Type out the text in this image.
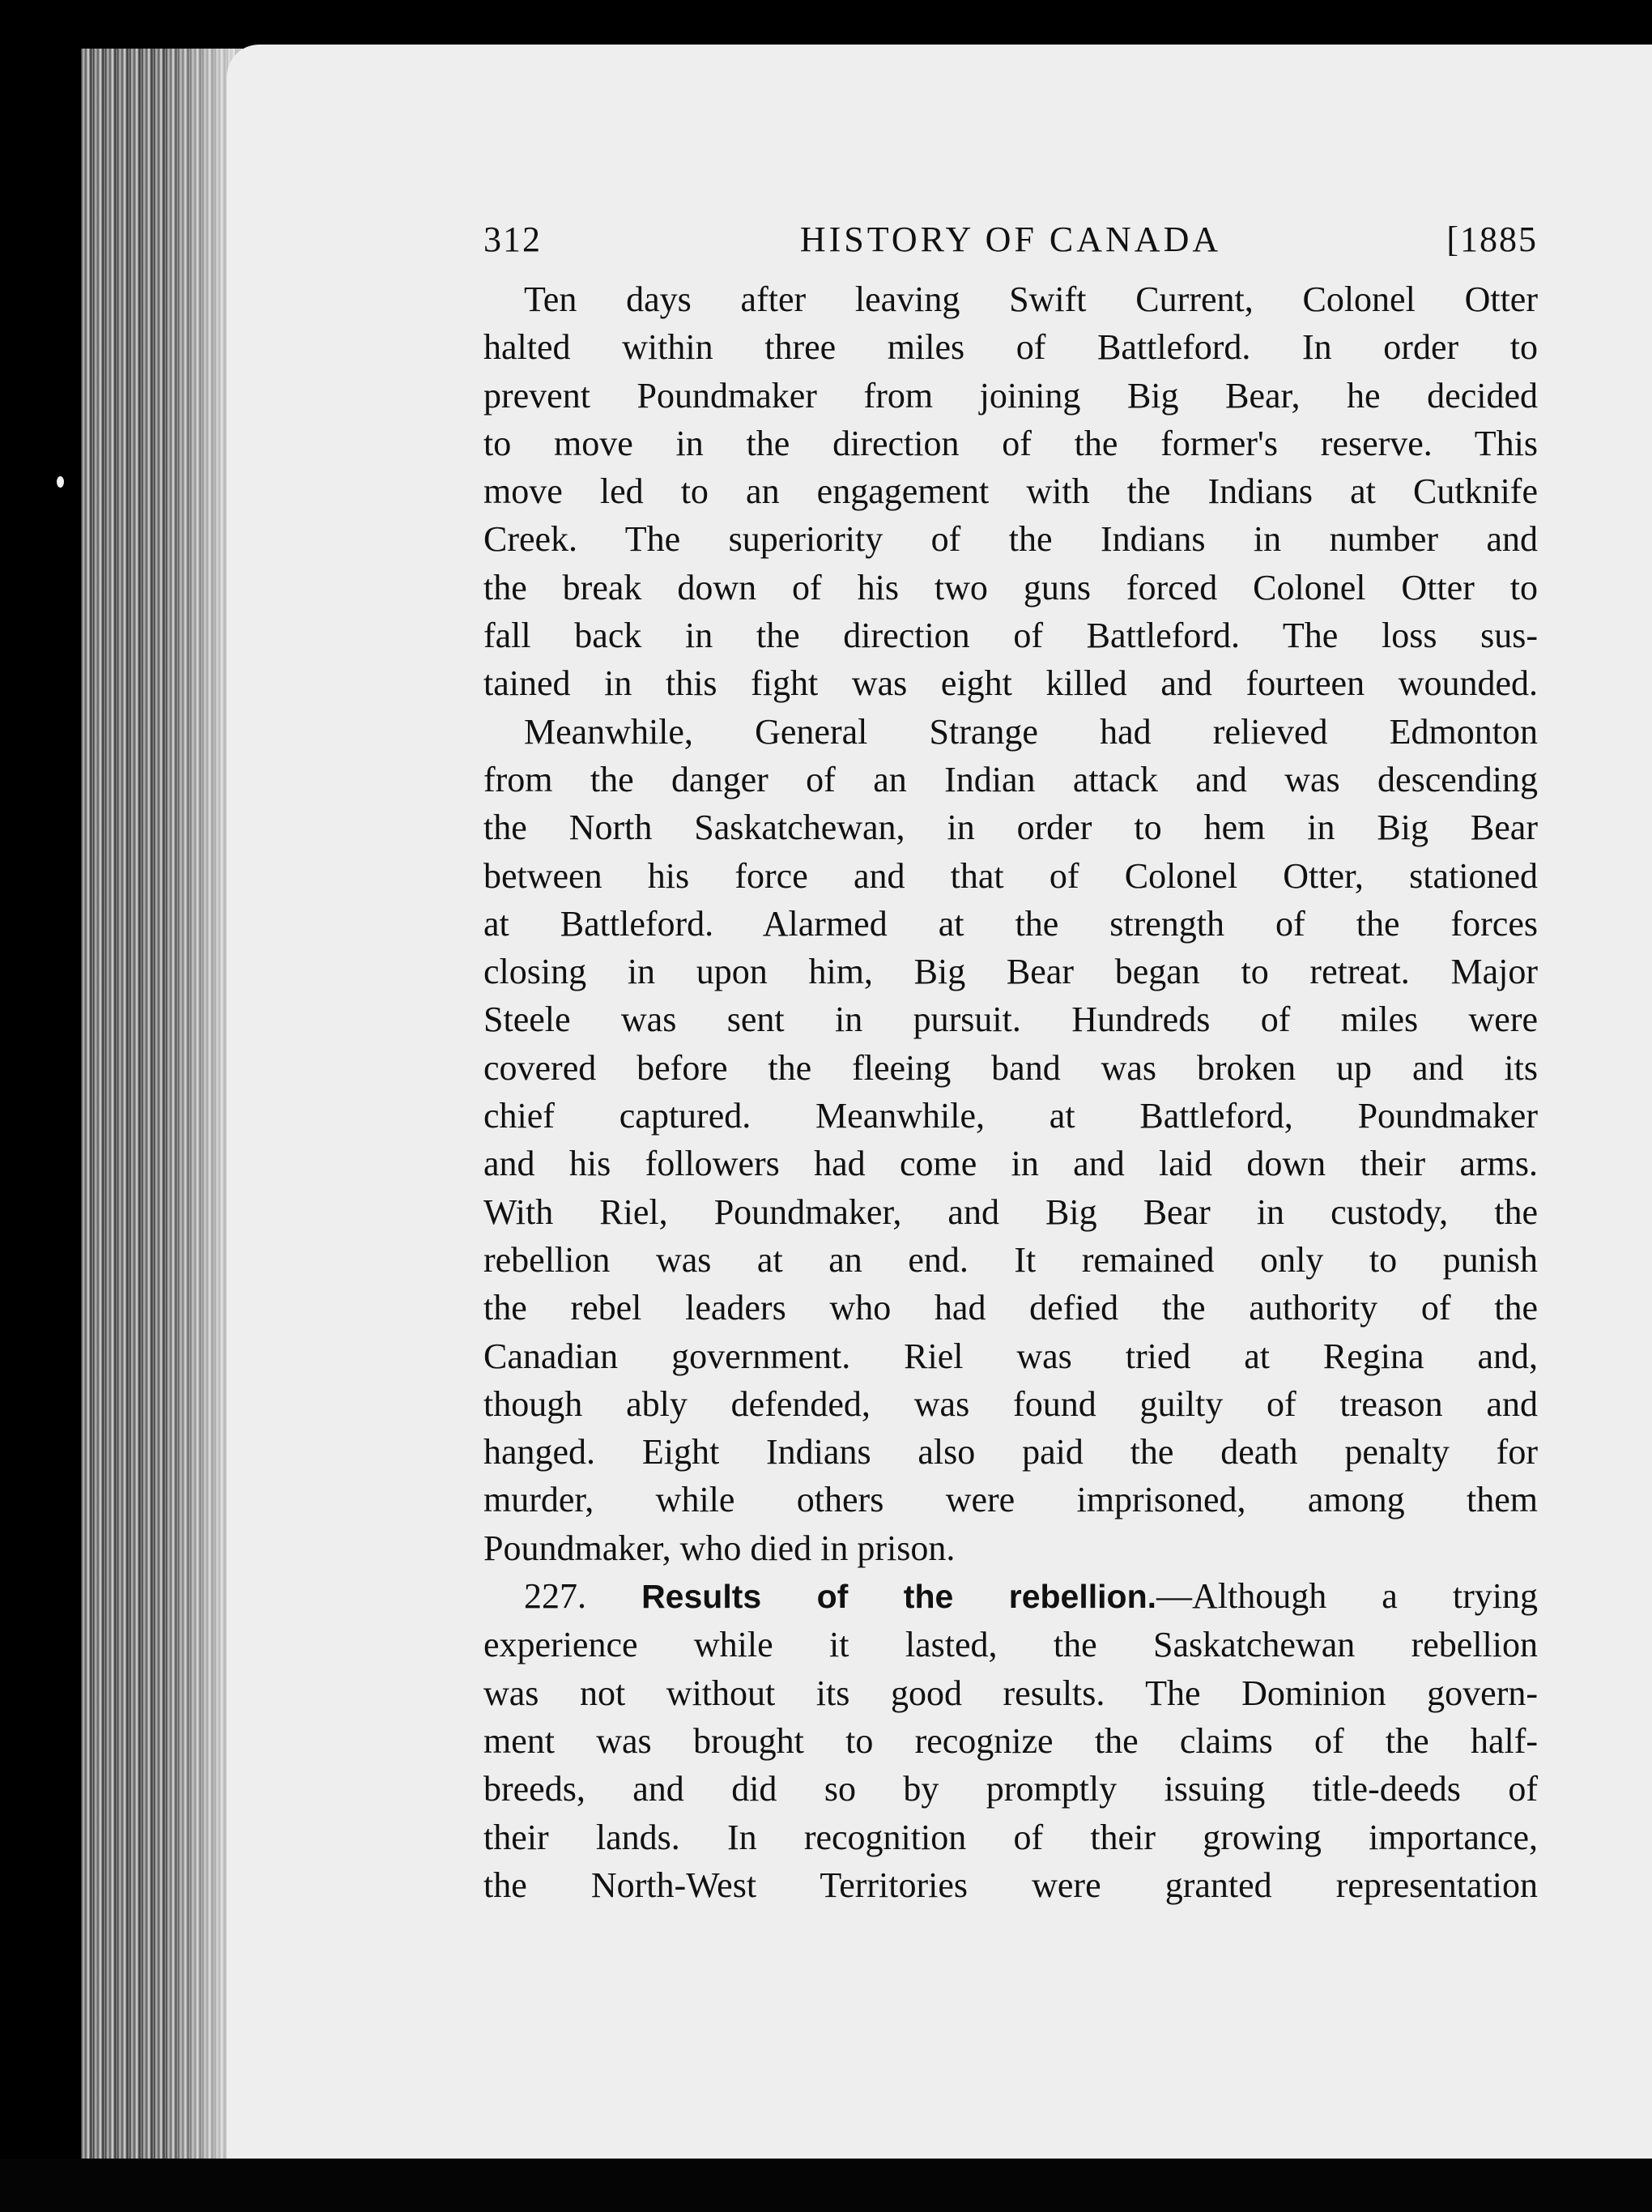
312	HISTORY OF CANADA	[1885

Ten days after leaving Swift Current, Colonel Otter
halted within three miles of Battleford. In order to
prevent Poundmaker from joining Big Bear, he decided
to move in the direction of the former's reserve. This
move led to an engagement with the Indians at Cutknife
Creek. The superiority of the Indians in number and
the break down of his two guns forced Colonel Otter to
fall back in the direction of Battleford. The loss sus-
tained in this fight was eight killed and fourteen wounded.

Meanwhile, General Strange had relieved Edmonton
from the danger of an Indian attack and was descending
the North Saskatchewan, in order to hem in Big Bear
between his force and that of Colonel Otter, stationed
at Battleford. Alarmed at the strength of the forces
closing in upon him, Big Bear began to retreat. Major
Steele was sent in pursuit. Hundreds of miles were
covered before the fleeing band was broken up and its
chief captured. Meanwhile, at Battleford, Poundmaker
and his followers had come in and laid down their arms.
With Riel, Poundmaker, and Big Bear in custody, the
rebellion was at an end. It remained only to punish
the rebel leaders who had defied the authority of the
Canadian government. Riel was tried at Regina and,
though ably defended, was found guilty of treason and
hanged. Eight Indians also paid the death penalty for
murder, while others were imprisoned, among them
Poundmaker, who died in prison.

227. Results of the rebellion.—Although a trying
experience while it lasted, the Saskatchewan rebellion
was not without its good results. The Dominion govern-
ment was brought to recognize the claims of the half-
breeds, and did so by promptly issuing title-deeds of
their lands. In recognition of their growing importance,
the North-West Territories were granted representation
